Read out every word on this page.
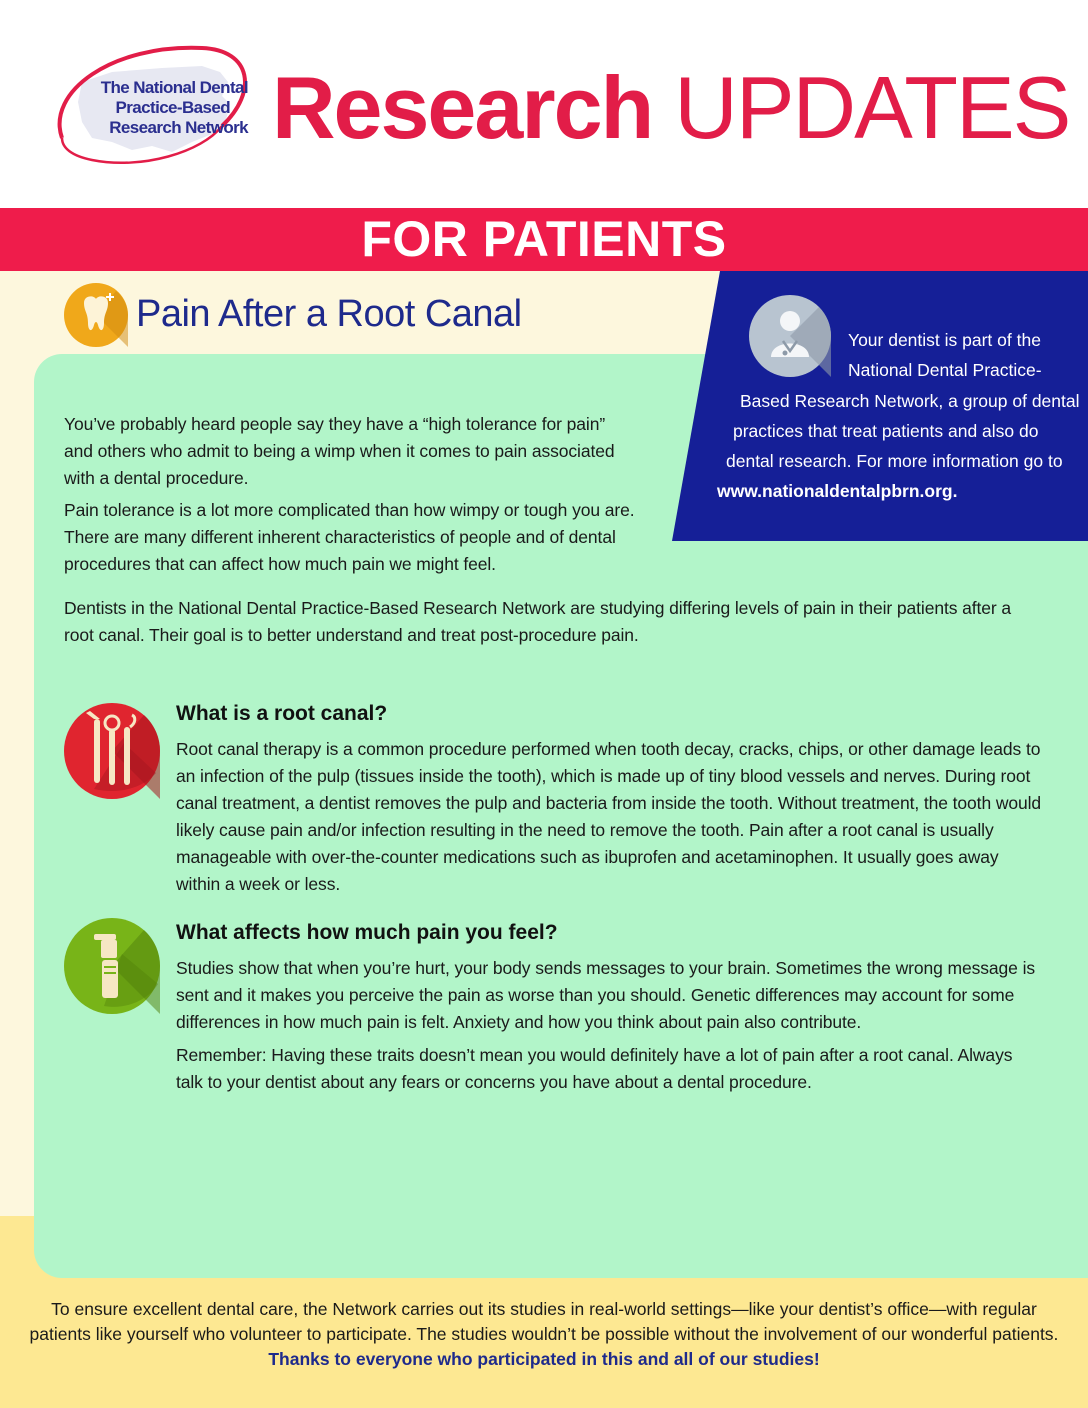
The National Dental
Practice-Based
Research Network Research UPDATES
FOR PATIENTS
Pain After a Root Canal
Your dentist is part of the
National Dental Practice-
Based Research Network, a group of dental
practices that treat patients and also do
dental research. For more information go to
www.nationaldentalpbrn.org.
You’ve probably heard people say they have a “high tolerance for pain” and others who admit to being a wimp when it comes to pain associated with a dental procedure.
Pain tolerance is a lot more complicated than how wimpy or tough you are. There are many different inherent characteristics of people and of dental procedures that can affect how much pain we might feel.
Dentists in the National Dental Practice-Based Research Network are studying differing levels of pain in their patients after a root canal. Their goal is to better understand and treat post-procedure pain.
What is a root canal?
Root canal therapy is a common procedure performed when tooth decay, cracks, chips, or other damage leads to an infection of the pulp (tissues inside the tooth), which is made up of tiny blood vessels and nerves. During root canal treatment, a dentist removes the pulp and bacteria from inside the tooth. Without treatment, the tooth would likely cause pain and/or infection resulting in the need to remove the tooth. Pain after a root canal is usually manageable with over-the-counter medications such as ibuprofen and acetaminophen. It usually goes away within a week or less.
What affects how much pain you feel?
Studies show that when you’re hurt, your body sends messages to your brain. Sometimes the wrong message is sent and it makes you perceive the pain as worse than you should. Genetic differences may account for some differences in how much pain is felt. Anxiety and how you think about pain also contribute.
Remember: Having these traits doesn’t mean you would definitely have a lot of pain after a root canal. Always talk to your dentist about any fears or concerns you have about a dental procedure.
To ensure excellent dental care, the Network carries out its studies in real-world settings—like your dentist’s office—with regular
patients like yourself who volunteer to participate. The studies wouldn’t be possible without the involvement of our wonderful patients.
Thanks to everyone who participated in this and all of our studies!
